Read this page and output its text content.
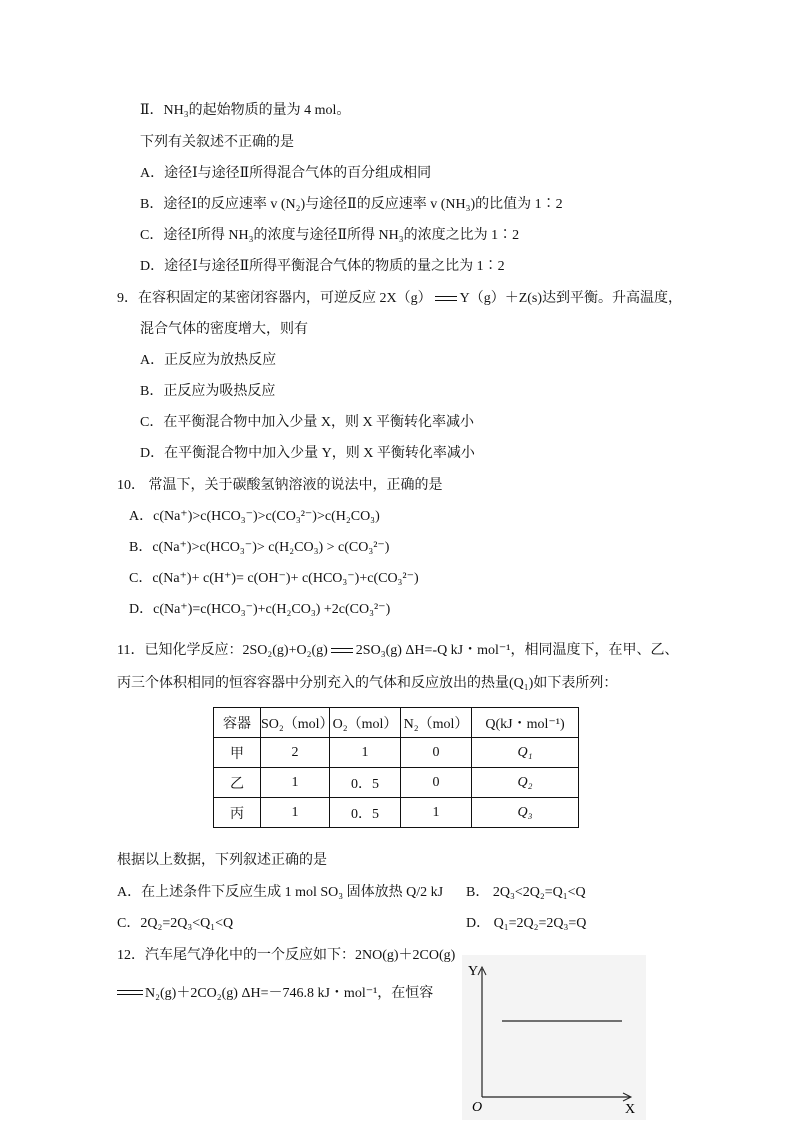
Ⅱ．NH₃的起始物质的量为 4 mol。
下列有关叙述不正确的是
A．途径Ⅰ与途径Ⅱ所得混合气体的百分组成相同
B．途径Ⅰ的反应速率 v (N₂)与途径Ⅱ的反应速率 v (NH₃)的比值为 1∶2
C．途径Ⅰ所得 NH₃的浓度与途径Ⅱ所得 NH₃的浓度之比为 1∶2
D．途径Ⅰ与途径Ⅱ所得平衡混合气体的物质的量之比为 1∶2
9．在容积固定的某密闭容器内，可逆反应 2X（g） Y（g）＋Z(s)达到平衡。升高温度，
混合气体的密度增大，则有
A．正反应为放热反应
B．正反应为吸热反应
C．在平衡混合物中加入少量 X，则 X 平衡转化率减小
D．在平衡混合物中加入少量 Y，则 X 平衡转化率减小
10． 常温下，关于碳酸氢钠溶液的说法中，正确的是
A．c(Na⁺)>c(HCO₃⁻)>c(CO₃²⁻)>c(H₂CO₃)
B．c(Na⁺)>c(HCO₃⁻)> c(H₂CO₃) > c(CO₃²⁻)
C．c(Na⁺)+ c(H⁺)= c(OH⁻)+ c(HCO₃⁻)+c(CO₃²⁻)
D．c(Na⁺)=c(HCO₃⁻)+c(H₂CO₃) +2c(CO₃²⁻)
11．已知化学反应：2SO₂(g)+O₂(g) 2SO₃(g) ΔH=-Q kJ・mol⁻¹，相同温度下，在甲、乙、
丙三个体积相同的恒容容器中分别充入的气体和反应放出的热量(Q₁)如下表所列：
容器	SO₂（mol）	O₂（mol）	N₂（mol）	Q(kJ・mol⁻¹)
甲	2	1	0	Q₁
乙	1	0．5	0	Q₂
丙	1	0．5	1	Q₃
根据以上数据，下列叙述正确的是
A．在上述条件下反应生成 1 mol SO₃ 固体放热 Q/2 kJ B． 2Q₃<2Q₂=Q₁<Q
C．2Q₂=2Q₃<Q₁<Q	D． Q₁=2Q₂=2Q₃=Q
12．汽车尾气净化中的一个反应如下：2NO(g)＋2CO(g)
N₂(g)＋2CO₂(g) ΔH=－746.8 kJ・mol⁻¹，在恒容
Y
X
O
